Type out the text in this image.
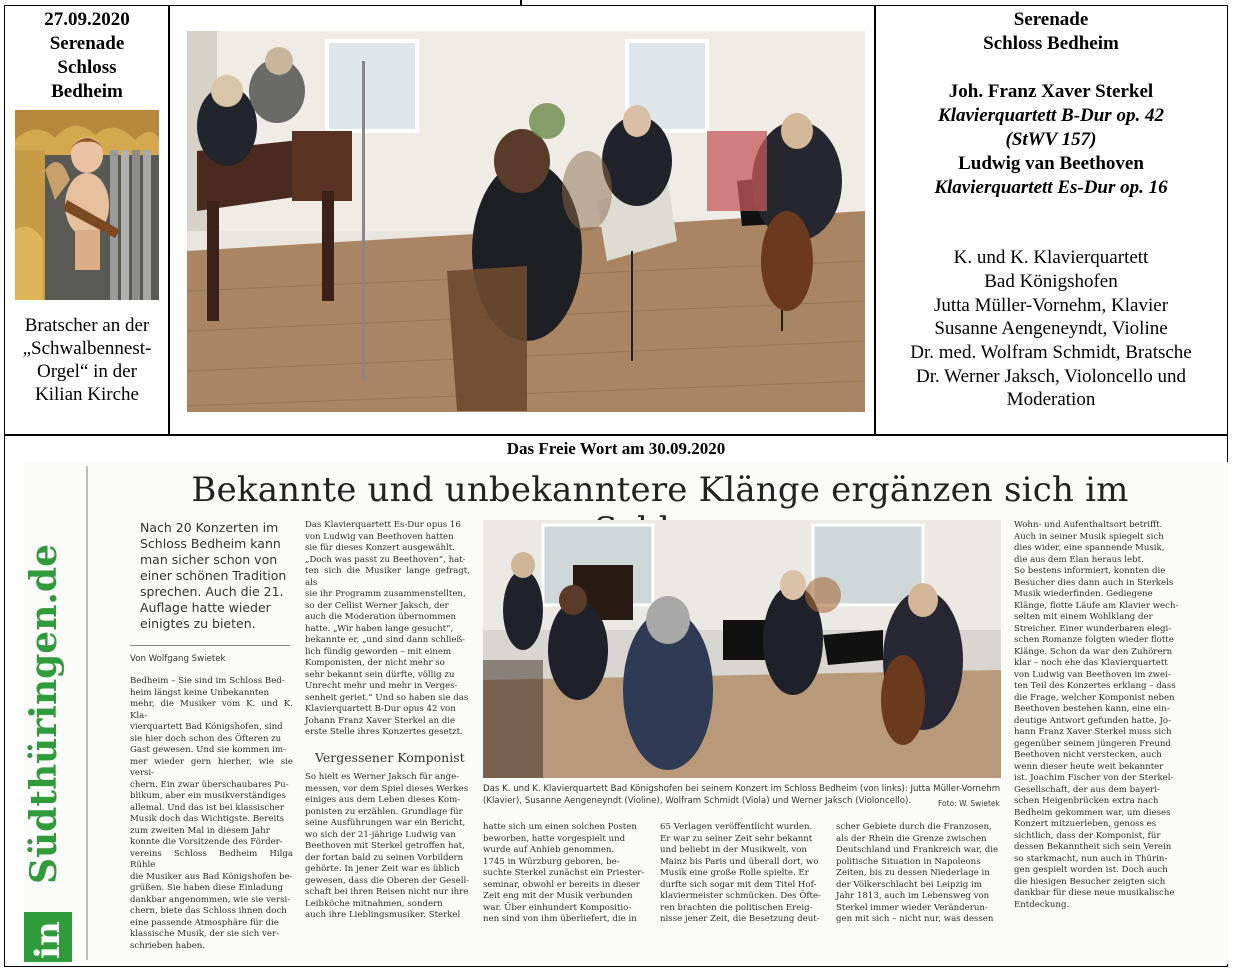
27.09.2020
Serenade
Schloss
Bedheim
Bratscher an der
„Schwalbennest-
Orgel“ in der
Kilian Kirche
Serenade
Schloss Bedheim
Joh. Franz Xaver Sterkel
Klavierquartett B-Dur op. 42
(StWV 157)
Ludwig van Beethoven
Klavierquartett Es-Dur op. 16
K. und K. Klavierquartett
Bad Königshofen
Jutta Müller-Vornehm, Klavier
Susanne Aengeneyndt, Violine
Dr. med. Wolfram Schmidt, Bratsche
Dr. Werner Jaksch, Violoncello und
Moderation
Das Freie Wort am 30.09.2020
in
Südthüringen.de
Bekannte und unbekanntere Klänge ergänzen sich im
Nach 20 Konzerten im
Schloss Bedheim kann
man sicher schon von
einer schönen Tradition
sprechen. Auch die 21.
Auflage hatte wieder
einigtes zu bieten.
Von Wolfgang Swietek
Bedheim – Sie sind im Schloss Bed-
heim längst keine Unbekannten
mehr, die Musiker vom K. und K. Kla-
vierquartett Bad Königshofen, sind
sie hier doch schon des Öfteren zu
Gast gewesen. Und sie kommen im-
mer wieder gern hierher, wie sie versi-
chern. Ein zwar überschaubares Pu-
blikum, aber ein musikverständiges
allemal. Und das ist bei klassischer
Musik doch das Wichtigste. Bereits
zum zweiten Mal in diesem Jahr
konnte die Vorsitzende des Förder-
vereins Schloss Bedheim Hilga Rühle
die Musiker aus Bad Königshofen be-
grüßen. Sie haben diese Einladung
dankbar angenommen, wie sie versi-
chern, biete das Schloss ihnen doch
eine passende Atmosphäre für die
klassische Musik, der sie sich ver-
schrieben haben.
Das Klavierquartett Es-Dur opus 16
von Ludwig van Beethoven hatten
sie für dieses Konzert ausgewählt.
„Doch was passt zu Beethoven“, hat-
ten sich die Musiker lange gefragt, als
sie ihr Programm zusammenstellten,
so der Cellist Werner Jaksch, der
auch die Moderation übernommen
hatte. „Wir haben lange gesucht“,
bekannte er, „und sind dann schließ-
lich fündig geworden – mit einem
Komponisten, der nicht mehr so
sehr bekannt sein dürfte, völlig zu
Unrecht mehr und mehr in Verges-
senheit geriet.“ Und so haben sie das
Klavierquartett B-Dur opus 42 von
Johann Franz Xaver Sterkel an die
erste Stelle ihres Konzertes gesetzt.
Vergessener Komponist
So hielt es Werner Jaksch für ange-
messen, vor dem Spiel dieses Werkes
einiges aus dem Leben dieses Kom-
ponisten zu erzählen. Grundlage für
seine Ausführungen war ein Bericht,
wo sich der 21-jährige Ludwig van
Beethoven mit Sterkel getroffen hat,
der fortan bald zu seinen Vorbildern
gehörte. In jener Zeit war es üblich
gewesen, dass die Oberen der Gesell-
schaft bei ihren Reisen nicht nur ihre
Leibköche mitnahmen, sondern
auch ihre Lieblingsmusiker. Sterkel
Das K. und K. Klavierquartett Bad Königshofen bei seinem Konzert im Schloss Bedheim (von links): Jutta Müller-Vornehm
(Klavier), Susanne Aengeneyndt (Violine), Wolfram Schmidt (Viola) und Werner Jaksch (Violoncello).	Foto: W. Swietek
hatte sich um einen solchen Posten
beworben, hatte vorgespielt und
wurde auf Anhieb genommen.
1745 in Würzburg geboren, be-
suchte Sterkel zunächst ein Priester-
seminar, obwohl er bereits in dieser
Zeit eng mit der Musik verbunden
war. Über einhundert Kompositio-
nen sind von ihm überliefert, die in
65 Verlagen veröffentlicht wurden.
Er war zu seiner Zeit sehr bekannt
und beliebt in der Musikwelt, von
Mainz bis Paris und überall dort, wo
Musik eine große Rolle spielte. Er
durfte sich sogar mit dem Titel Hof-
klaviermeister schmücken. Des Öfte-
ren brachten die politischen Ereig-
nisse jener Zeit, die Besetzung deut-
scher Gebiete durch die Franzosen,
als der Rhein die Grenze zwischen
Deutschland und Frankreich war, die
politische Situation in Napoleons
Zeiten, bis zu dessen Niederlage in
der Völkerschlacht bei Leipzig im
Jahr 1813, auch im Lebensweg von
Sterkel immer wieder Veränderun-
gen mit sich – nicht nur, was dessen
Wohn- und Aufenthaltsort betrifft.
Auch in seiner Musik spiegelt sich
dies wider, eine spannende Musik,
die aus dem Elan heraus lebt.
So bestens informiert, konnten die
Besucher dies dann auch in Sterkels
Musik wiederfinden. Gediegene
Klänge, flotte Läufe am Klavier wech-
selten mit einem Wohlklang der
Streicher. Einer wunderbaren elegi-
schen Romanze folgten wieder flotte
Klänge. Schon da war den Zuhörern
klar – noch ehe das Klavierquartett
von Ludwig van Beethoven im zwei-
ten Teil des Konzertes erklang – dass
die Frage, welcher Komponist neben
Beethoven bestehen kann, eine ein-
deutige Antwort gefunden hatte. Jo-
hann Franz Xaver Sterkel muss sich
gegenüber seinem jüngeren Freund
Beethoven nicht verstecken, auch
wenn dieser heute weit bekannter
ist. Joachim Fischer von der Sterkel-
Gesellschaft, der aus dem bayeri-
schen Heigenbrücken extra nach
Bedheim gekommen war, um dieses
Konzert mitzuerleben, genoss es
sichtlich, dass der Komponist, für
dessen Bekanntheit sich sein Verein
so starkmacht, nun auch in Thürin-
gen gespielt worden ist. Doch auch
die hiesigen Besucher zeigten sich
dankbar für diese neue musikalische
Entdeckung.
